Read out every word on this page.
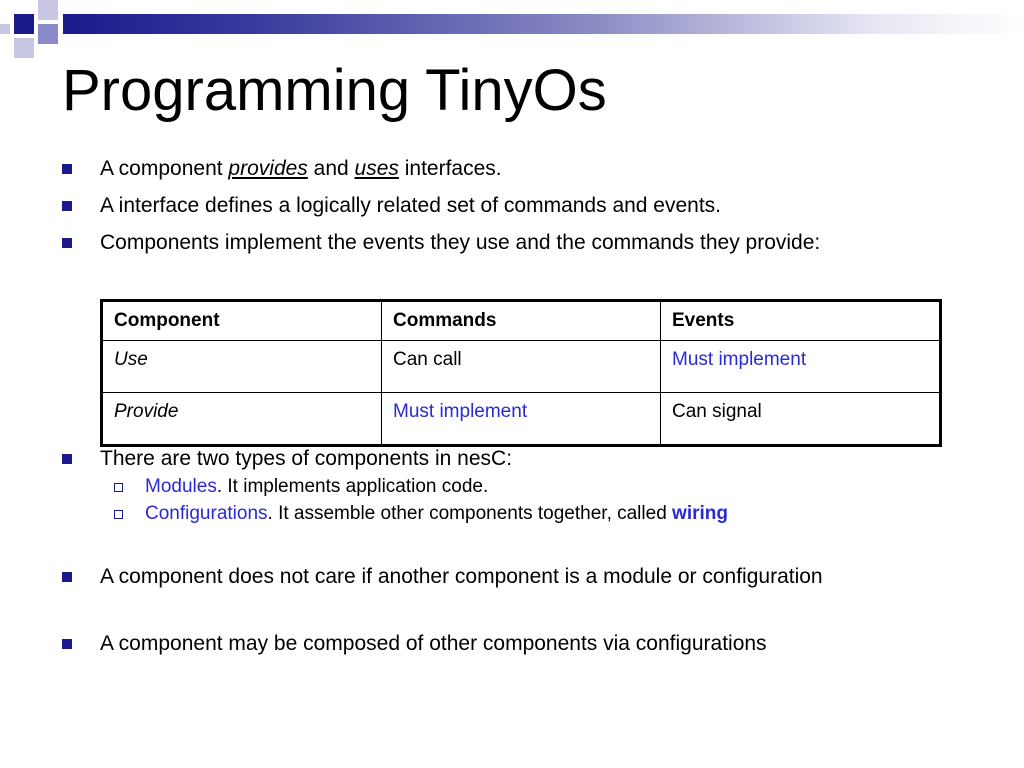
Programming TinyOs
A component provides and uses interfaces.
A interface defines a logically related set of commands and events.
Components implement the events they use and the commands they provide:
Component	Commands	Events
Use	Can call	Must implement
Provide	Must implement	Can signal
There are two types of components in nesC:
Modules. It implements application code.
Configurations. It assemble other components together, called wiring
A component does not care if another component is a module or configuration
A component may be composed of other components via configurations
